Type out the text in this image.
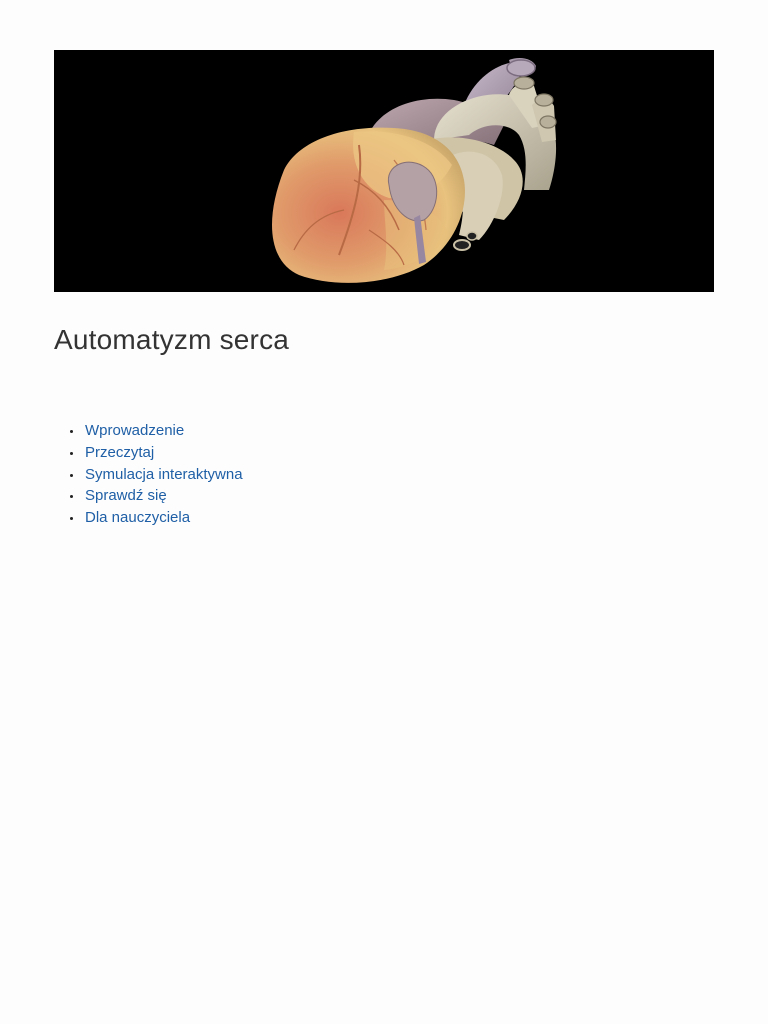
Automatyzm serca
Wprowadzenie
Przeczytaj
Symulacja interaktywna
Sprawdź się
Dla nauczyciela
